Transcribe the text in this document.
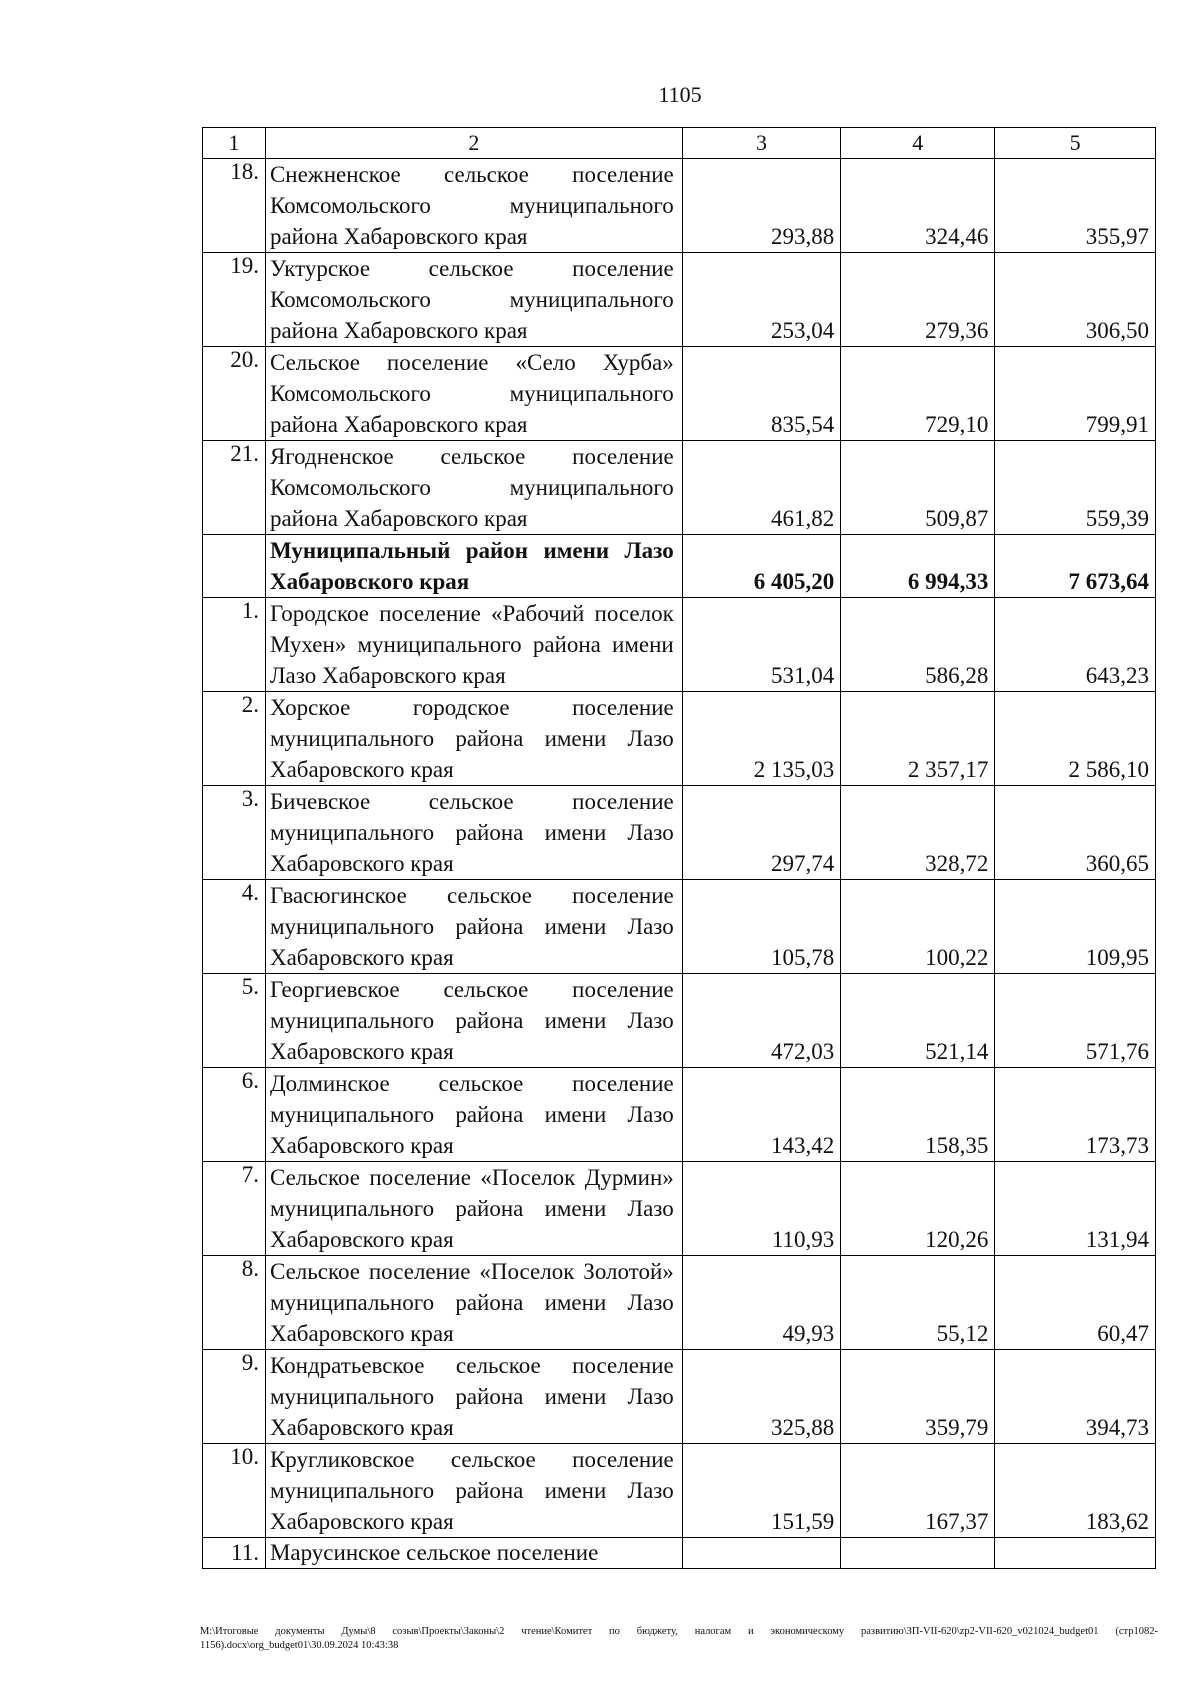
1105
1	2	3	4	5
18.	Снежненское сельское поселение Комсомольского муниципального района Хабаровского края	293,88	324,46	355,97
19.	Уктурское сельское поселение Комсомольского муниципального района Хабаровского края	253,04	279,36	306,50
20.	Сельское поселение «Село Хурба» Комсомольского муниципального района Хабаровского края	835,54	729,10	799,91
21.	Ягодненское сельское поселение Комсомольского муниципального района Хабаровского края	461,82	509,87	559,39
	Муниципальный район имени Лазо Хабаровского края	6 405,20	6 994,33	7 673,64
1.	Городское поселение «Рабочий поселок Мухен» муниципального района имени Лазо Хабаровского края	531,04	586,28	643,23
2.	Хорское городское поселение муниципального района имени Лазо Хабаровского края	2 135,03	2 357,17	2 586,10
3.	Бичевское сельское поселение муниципального района имени Лазо Хабаровского края	297,74	328,72	360,65
4.	Гвасюгинское сельское поселение муниципального района имени Лазо Хабаровского края	105,78	100,22	109,95
5.	Георгиевское сельское поселение муниципального района имени Лазо Хабаровского края	472,03	521,14	571,76
6.	Долминское сельское поселение муниципального района имени Лазо Хабаровского края	143,42	158,35	173,73
7.	Сельское поселение «Поселок Дурмин» муниципального района имени Лазо Хабаровского края	110,93	120,26	131,94
8.	Сельское поселение «Поселок Золотой» муниципального района имени Лазо Хабаровского края	49,93	55,12	60,47
9.	Кондратьевское сельское поселение муниципального района имени Лазо Хабаровского края	325,88	359,79	394,73
10.	Кругликовское сельское поселение муниципального района имени Лазо Хабаровского края	151,59	167,37	183,62
11.	Марусинское сельское поселение			
M:\Итоговые документы Думы\8 созыв\Проекты\Законы\2 чтение\Комитет по бюджету, налогам и экономическому развитию\ЗП-VII-620\zp2-VII-620_v021024_budget01 (стр1082-1156).docx\org_budget01\30.09.2024 10:43:38
